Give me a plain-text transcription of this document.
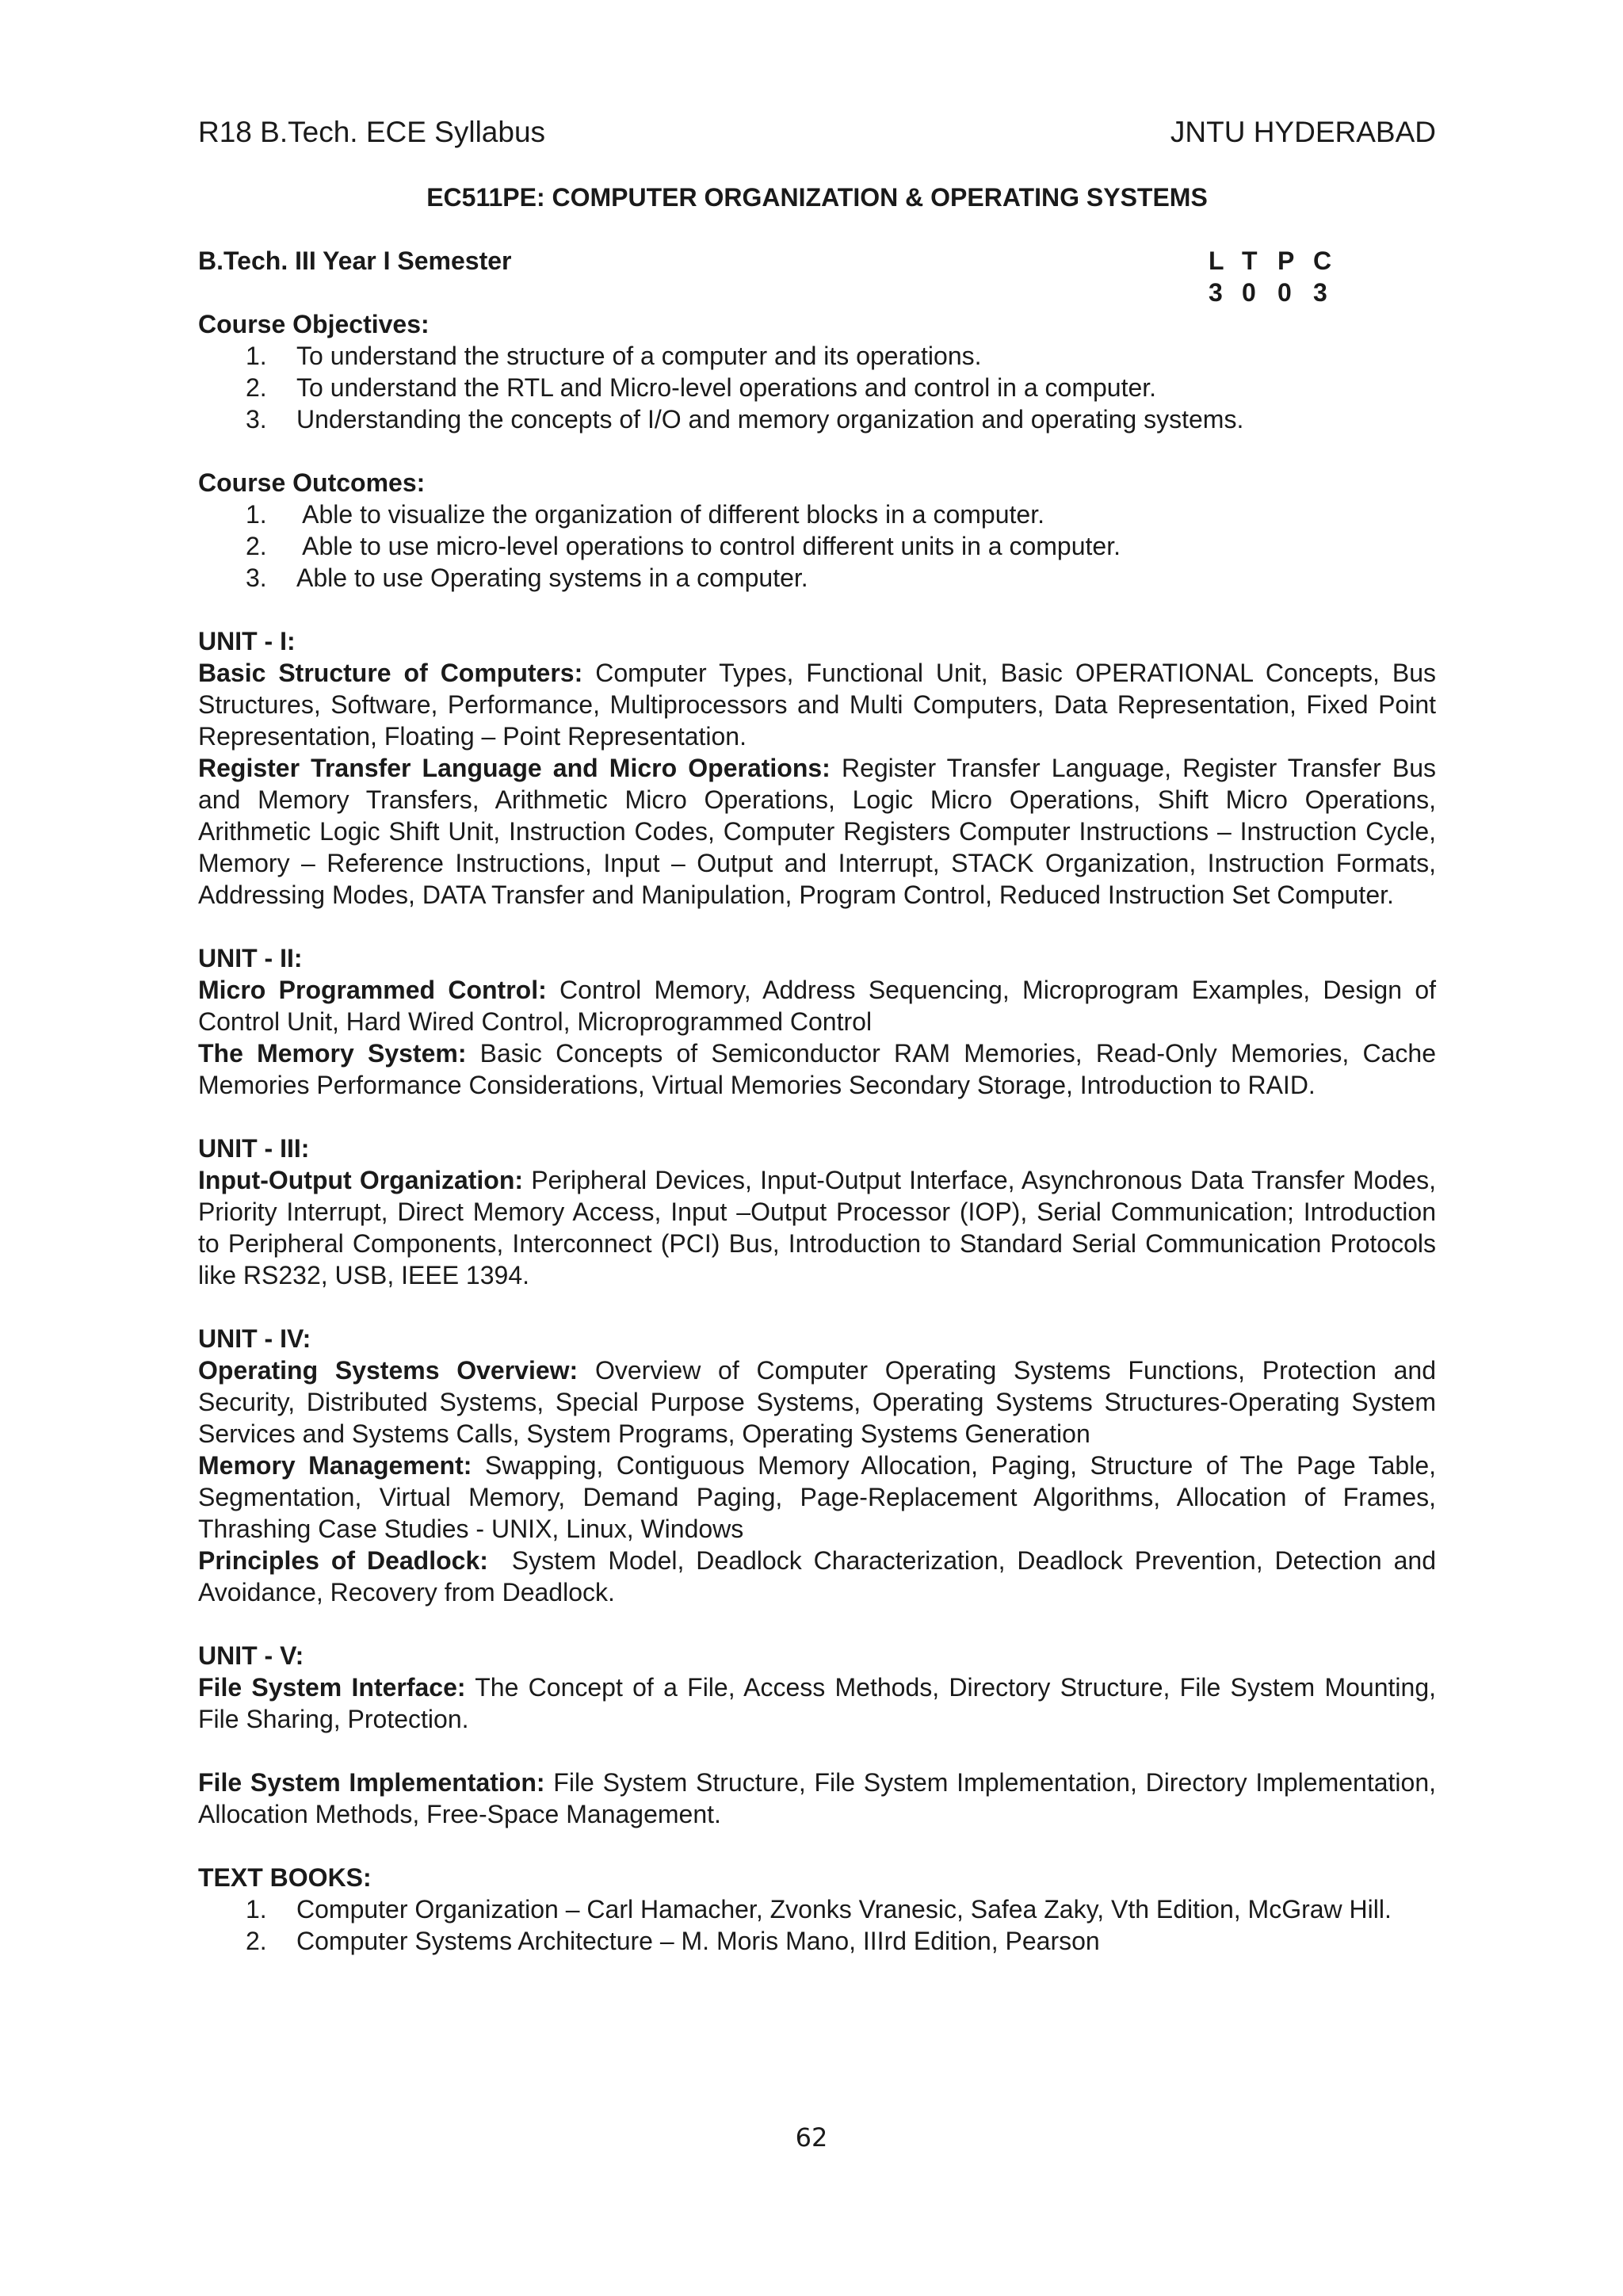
R18 B.Tech. ECE Syllabus	JNTU HYDERABAD
EC511PE: COMPUTER ORGANIZATION & OPERATING SYSTEMS
B.Tech. III Year I Semester	L T P C
3 0 0 3
Course Objectives:
1.	To understand the structure of a computer and its operations.
2.	To understand the RTL and Micro-level operations and control in a computer.
3.	Understanding the concepts of I/O and memory organization and operating systems.
Course Outcomes:
1.	Able to visualize the organization of different blocks in a computer.
2.	Able to use micro-level operations to control different units in a computer.
3.	Able to use Operating systems in a computer.
UNIT - I:
Basic Structure of Computers: Computer Types, Functional Unit, Basic OPERATIONAL Concepts, Bus Structures, Software, Performance, Multiprocessors and Multi Computers, Data Representation, Fixed Point Representation, Floating – Point Representation.
Register Transfer Language and Micro Operations: Register Transfer Language, Register Transfer Bus and Memory Transfers, Arithmetic Micro Operations, Logic Micro Operations, Shift Micro Operations, Arithmetic Logic Shift Unit, Instruction Codes, Computer Registers Computer Instructions – Instruction Cycle, Memory – Reference Instructions, Input – Output and Interrupt, STACK Organization, Instruction Formats, Addressing Modes, DATA Transfer and Manipulation, Program Control, Reduced Instruction Set Computer.
UNIT - II:
Micro Programmed Control: Control Memory, Address Sequencing, Microprogram Examples, Design of Control Unit, Hard Wired Control, Microprogrammed Control
The Memory System: Basic Concepts of Semiconductor RAM Memories, Read-Only Memories, Cache Memories Performance Considerations, Virtual Memories Secondary Storage, Introduction to RAID.
UNIT - III:
Input-Output Organization: Peripheral Devices, Input-Output Interface, Asynchronous Data Transfer Modes, Priority Interrupt, Direct Memory Access, Input –Output Processor (IOP), Serial Communication; Introduction to Peripheral Components, Interconnect (PCI) Bus, Introduction to Standard Serial Communication Protocols like RS232, USB, IEEE 1394.
UNIT - IV:
Operating Systems Overview: Overview of Computer Operating Systems Functions, Protection and Security, Distributed Systems, Special Purpose Systems, Operating Systems Structures-Operating System Services and Systems Calls, System Programs, Operating Systems Generation
Memory Management: Swapping, Contiguous Memory Allocation, Paging, Structure of The Page Table, Segmentation, Virtual Memory, Demand Paging, Page-Replacement Algorithms, Allocation of Frames, Thrashing Case Studies - UNIX, Linux, Windows
Principles of Deadlock:  System Model, Deadlock Characterization, Deadlock Prevention, Detection and Avoidance, Recovery from Deadlock.
UNIT - V:
File System Interface: The Concept of a File, Access Methods, Directory Structure, File System Mounting, File Sharing, Protection.
File System Implementation: File System Structure, File System Implementation, Directory Implementation, Allocation Methods, Free-Space Management.
TEXT BOOKS:
1.	Computer Organization – Carl Hamacher, Zvonks Vranesic, Safea Zaky, Vth Edition, McGraw Hill.
2.	Computer Systems Architecture – M. Moris Mano, IIIrd Edition, Pearson
62
